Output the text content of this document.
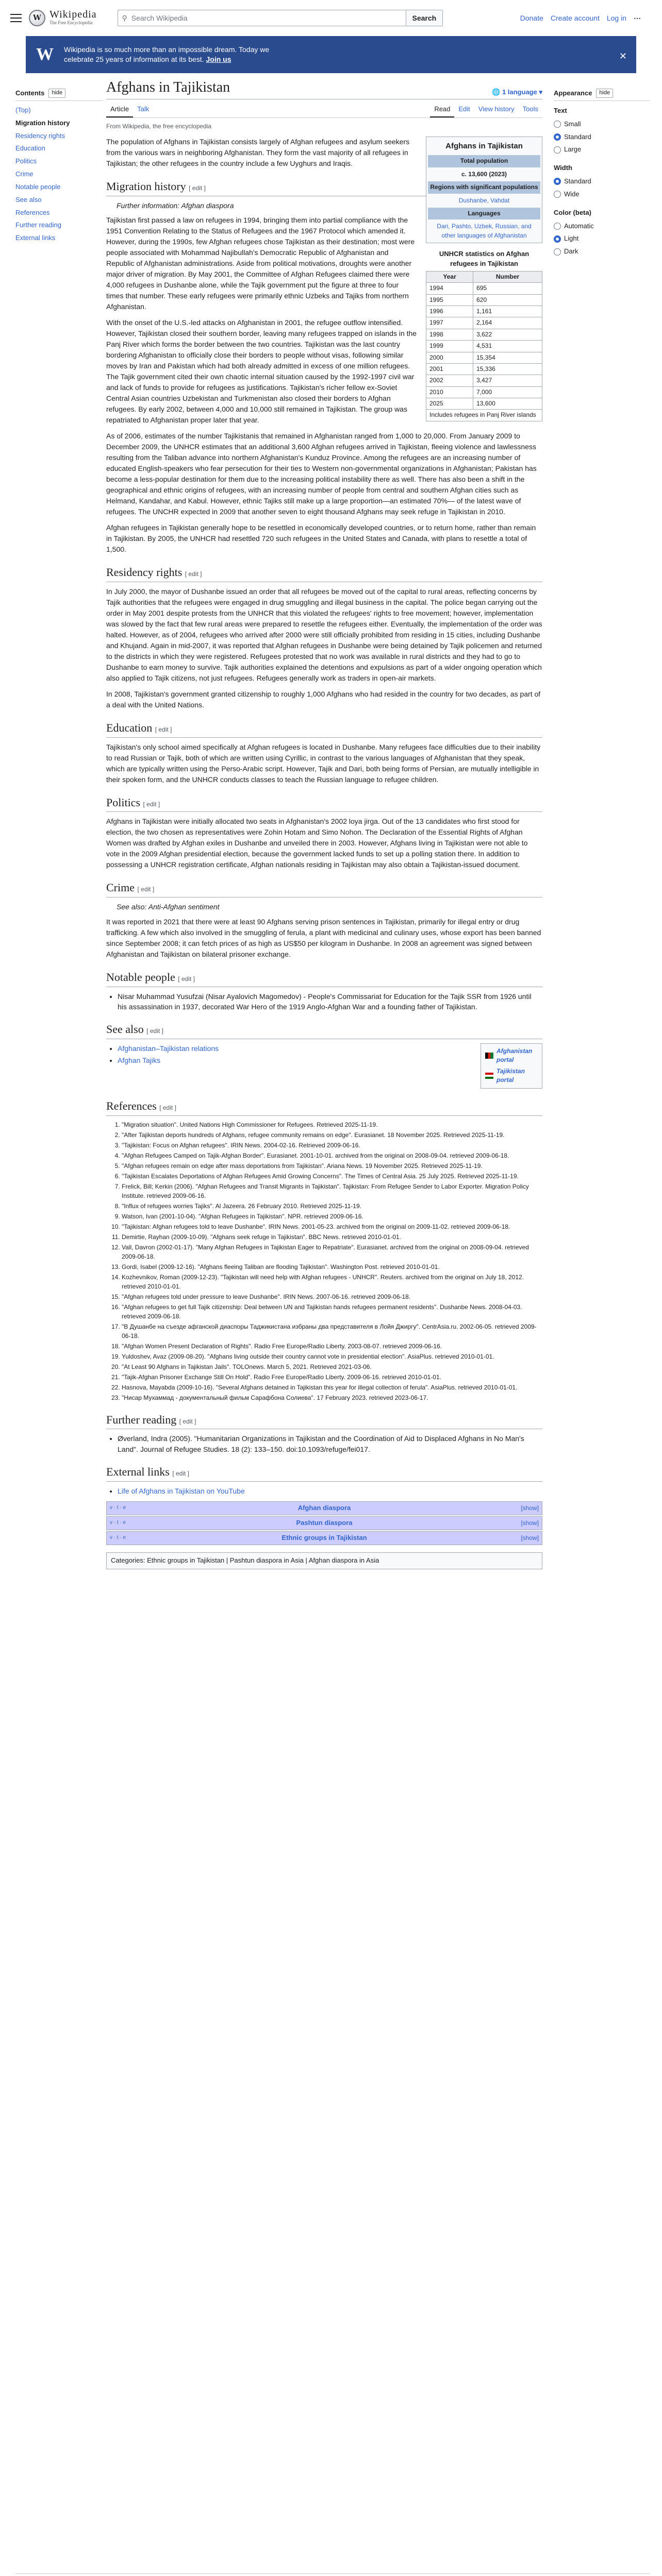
W Wikipedia
The Free Encyclopedia
⚲ Search Wikipedia	Search	Donate Create account Log in ⋯
W Wikipedia is so much more than an impossible dream. Today we
celebrate 25 years of information at its best. Join us	✕
Contents	hide
(Top)
Migration history
Residency rights
Education
Politics
Crime
Notable people
See also
References
Further reading
External links
Afghans in Tajikistan	🌐 1 language ▾
Article	Talk	Read	Edit	View history	Tools
From Wikipedia, the free encyclopedia
Afghans in Tajikistan
Total population
c. 13,600 (2023)
Regions with significant populations
Dushanbe, Vahdat
Languages
Dari, Pashto, Uzbek, Russian, and other languages of Afghanistan

The population of Afghans in Tajikistan consists largely of Afghan refugees and asylum seekers from the various wars in neighboring Afghanistan. They form the vast majority of all refugees in Tajikistan; the other refugees in the country include a few Uyghurs and Iraqis.

Migration history [ edit ]
Further information: Afghan diaspora
UNHCR statistics on Afghan refugees in Tajikistan
Year	Number
1994	695
1995	620
1996	1,161
1997	2,164
1998	3,622
1999	4,531
2000	15,354
2001	15,336
2002	3,427
2010	7,000
2025	13,600
Includes refugees in Panj River islands

Tajikistan first passed a law on refugees in 1994, bringing them into partial compliance with the 1951 Convention Relating to the Status of Refugees and the 1967 Protocol which amended it. However, during the 1990s, few Afghan refugees chose Tajikistan as their destination; most were people associated with Mohammad Najibullah's Democratic Republic of Afghanistan and Republic of Afghanistan administrations. Aside from political motivations, droughts were another major driver of migration. By May 2001, the Committee of Afghan Refugees claimed there were 4,000 refugees in Dushanbe alone, while the Tajik government put the figure at three to four times that number. These early refugees were primarily ethnic Uzbeks and Tajiks from northern Afghanistan.

With the onset of the U.S.-led attacks on Afghanistan in 2001, the refugee outflow intensified. However, Tajikistan closed their southern border, leaving many refugees trapped on islands in the Panj River which forms the border between the two countries. Tajikistan was the last country bordering Afghanistan to officially close their borders to people without visas, following similar moves by Iran and Pakistan which had both already admitted in excess of one million refugees. The Tajik government cited their own chaotic internal situation caused by the 1992-1997 civil war and lack of funds to provide for refugees as justifications. Tajikistan's richer fellow ex-Soviet Central Asian countries Uzbekistan and Turkmenistan also closed their borders to Afghan refugees. By early 2002, between 4,000 and 10,000 still remained in Tajikistan. The group was repatriated to Afghanistan proper later that year.

As of 2006, estimates of the number Tajikistanis that remained in Afghanistan ranged from 1,000 to 20,000. From January 2009 to December 2009, the UNHCR estimates that an additional 3,600 Afghan refugees arrived in Tajikistan, fleeing violence and lawlessness resulting from the Taliban advance into northern Afghanistan's Kunduz Province. Among the refugees are an increasing number of educated English-speakers who fear persecution for their ties to Western non-governmental organizations in Afghanistan; Pakistan has become a less-popular destination for them due to the increasing political instability there as well. There has also been a shift in the geographical and ethnic origins of refugees, with an increasing number of people from central and southern Afghan cities such as Helmand, Kandahar, and Kabul. However, ethnic Tajiks still make up a large proportion—an estimated 70%— of the latest wave of refugees. The UNCHR expected in 2009 that another seven to eight thousand Afghans may seek refuge in Tajikistan in 2010.

Afghan refugees in Tajikistan generally hope to be resettled in economically developed countries, or to return home, rather than remain in Tajikistan. By 2005, the UNHCR had resettled 720 such refugees in the United States and Canada, with plans to resettle a total of 1,500.

Residency rights [ edit ]

In July 2000, the mayor of Dushanbe issued an order that all refugees be moved out of the capital to rural areas, reflecting concerns by Tajik authorities that the refugees were engaged in drug smuggling and illegal business in the capital. The police began carrying out the order in May 2001 despite protests from the UNHCR that this violated the refugees' rights to free movement; however, implementation was slowed by the fact that few rural areas were prepared to resettle the refugees either. Eventually, the implementation of the order was halted. However, as of 2004, refugees who arrived after 2000 were still officially prohibited from residing in 15 cities, including Dushanbe and Khujand. Again in mid-2007, it was reported that Afghan refugees in Dushanbe were being detained by Tajik policemen and returned to the districts in which they were registered. Refugees protested that no work was available in rural districts and they had to go to Dushanbe to earn money to survive. Tajik authorities explained the detentions and expulsions as part of a wider ongoing operation which also applied to Tajik citizens, not just refugees. Refugees generally work as traders in open-air markets.

In 2008, Tajikistan's government granted citizenship to roughly 1,000 Afghans who had resided in the country for two decades, as part of a deal with the United Nations.

Education [ edit ]

Tajikistan's only school aimed specifically at Afghan refugees is located in Dushanbe. Many refugees face difficulties due to their inability to read Russian or Tajik, both of which are written using Cyrillic, in contrast to the various languages of Afghanistan that they speak, which are typically written using the Perso-Arabic script. However, Tajik and Dari, both being forms of Persian, are mutually intelligible in their spoken form, and the UNHCR conducts classes to teach the Russian language to refugee children.

Politics [ edit ]

Afghans in Tajikistan were initially allocated two seats in Afghanistan's 2002 loya jirga. Out of the 13 candidates who first stood for election, the two chosen as representatives were Zohin Hotam and Simo Nohon. The Declaration of the Essential Rights of Afghan Women was drafted by Afghan exiles in Dushanbe and unveiled there in 2003. However, Afghans living in Tajikistan were not able to vote in the 2009 Afghan presidential election, because the government lacked funds to set up a polling station there. In addition to possessing a UNHCR registration certificate, Afghan nationals residing in Tajikistan may also obtain a Tajikistan-issued document.

Crime [ edit ]
See also: Anti-Afghan sentiment

It was reported in 2021 that there were at least 90 Afghans serving prison sentences in Tajikistan, primarily for illegal entry or drug trafficking. A few which also involved in the smuggling of ferula, a plant with medicinal and culinary uses, whose export has been banned since September 2008; it can fetch prices of as high as US$50 per kilogram in Dushanbe. In 2008 an agreement was signed between Afghanistan and Tajikistan on bilateral prisoner exchange.

Notable people [ edit ]
• Nisar Muhammad Yusufzai (Nisar Ayalovich Magomedov) - People's Commissariat for Education for the Tajik SSR from 1926 until his assassination in 1937, decorated War Hero of the 1919 Anglo-Afghan War and a founding father of Tajikistan.
See also [ edit ]
Afghanistan portal
Tajikistan portal
• Afghanistan–Tajikistan relations
• Afghan Tajiks
References [ edit ]
1. "Migration situation". United Nations High Commissioner for Refugees. Retrieved 2025-11-19.
2. "After Tajikistan deports hundreds of Afghans, refugee community remains on edge". Eurasianet. 18 November 2025. Retrieved 2025-11-19.
3. "Tajikistan: Focus on Afghan refugees". IRIN News. 2004-02-16. Retrieved 2009-06-16.
4. "Afghan Refugees Camped on Tajik-Afghan Border". Eurasianet. 2001-10-01. archived from the original on 2008-09-04. retrieved 2009-06-18.
5. "Afghan refugees remain on edge after mass deportations from Tajikistan". Ariana News. 19 November 2025. Retrieved 2025-11-19.
6. "Tajikistan Escalates Deportations of Afghan Refugees Amid Growing Concerns". The Times of Central Asia. 25 July 2025. Retrieved 2025-11-19.
7. Frelick, Bill; Kerkin (2006). "Afghan Refugees and Transit Migrants in Tajikistan". Tajikistan: From Refugee Sender to Labor Exporter. Migration Policy Institute. retrieved 2009-06-16.
8. "Influx of refugees worries Tajiks". Al Jazeera. 26 February 2010. Retrieved 2025-11-19.
9. Watson, Ivan (2001-10-04). "Afghan Refugees in Tajikistan". NPR. retrieved 2009-06-16.
10. "Tajikistan: Afghan refugees told to leave Dushanbe". IRIN News. 2001-05-23. archived from the original on 2009-11-02. retrieved 2009-06-18.
11. Demirtie, Rayhan (2009-10-09). "Afghans seek refuge in Tajikistan". BBC News. retrieved 2010-01-01.
12. Vall, Davron (2002-01-17). "Many Afghan Refugees in Tajikistan Eager to Repatriate". Eurasianet. archived from the original on 2008-09-04. retrieved 2009-06-18.
13. Gordi, Isabel (2009-12-16). "Afghans fleeing Taliban are flooding Tajikistan". Washington Post. retrieved 2010-01-01.
14. Kozhevnikov, Roman (2009-12-23). "Tajikistan will need help with Afghan refugees - UNHCR". Reuters. archived from the original on July 18, 2012. retrieved 2010-01-01.
15. "Afghan refugees told under pressure to leave Dushanbe". IRIN News. 2007-06-16. retrieved 2009-06-18.
16. "Afghan refugees to get full Tajik citizenship: Deal between UN and Tajikistan hands refugees permanent residents". Dushanbe News. 2008-04-03. retrieved 2009-06-18.
17. "В Душанбе на съезде афганской диаспоры Таджикистана избраны два представителя в Лойя Джиргу". CentrAsia.ru. 2002-06-05. retrieved 2009-06-18.
18. "Afghan Women Present Declaration of Rights". Radio Free Europe/Radio Liberty. 2003-08-07. retrieved 2009-06-16.
19. Yuldoshev, Avaz (2009-08-20). "Afghans living outside their country cannot vote in presidential election". AsiaPlus. retrieved 2010-01-01.
20. "At Least 90 Afghans in Tajikistan Jails". TOLOnews. March 5, 2021. Retrieved 2021-03-06.
21. "Tajik-Afghan Prisoner Exchange Still On Hold". Radio Free Europe/Radio Liberty. 2009-06-16. retrieved 2010-01-01.
22. Hasnova, Mayabda (2009-10-16). "Several Afghans detained in Tajikistan this year for illegal collection of ferula". AsiaPlus. retrieved 2010-01-01.
23. "Нисар Мухаммад - документальный фильм Сарафбона Солиева". 17 February 2023. retrieved 2023-06-17.
Further reading [ edit ]
• Øverland, Indra (2005). "Humanitarian Organizations in Tajikistan and the Coordination of Aid to Displaced Afghans in No Man's Land". Journal of Refugee Studies. 18 (2): 133–150. doi:10.1093/refuge/fei017.
External links [ edit ]
• Life of Afghans in Tajikistan on YouTube
v · t · e	Afghan diaspora	[show]
v · t · e	Pashtun diaspora	[show]
v · t · e	Ethnic groups in Tajikistan	[show]
Categories: Ethnic groups in Tajikistan | Pashtun diaspora in Asia | Afghan diaspora in Asia
Appearance	hide
Text
Small
Standard
Large
Width
Standard
Wide
Color (beta)
Automatic
Light
Dark
